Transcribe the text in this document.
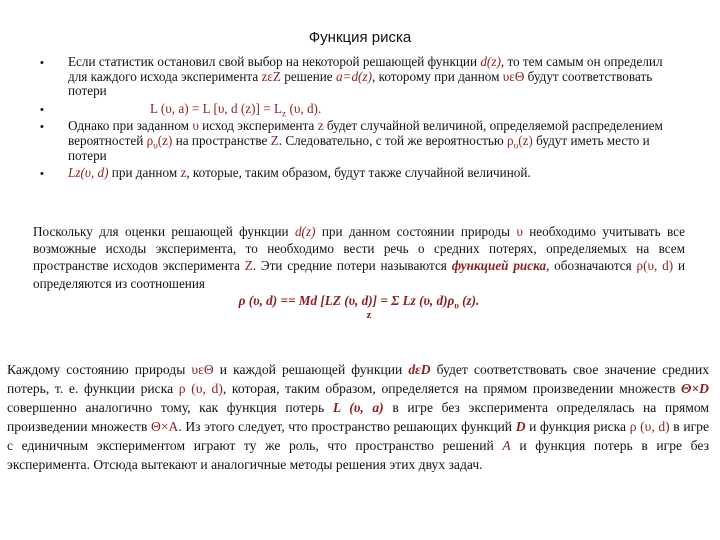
Функция риска
• Если статистик остановил свой выбор на некоторой решающей функции d(z), то тем самым он определил для каждого исхода эксперимента zεZ решение а=d(z), которому при данном υεΘ будут соответствовать потери
•	L (υ, а) = L [υ, d $(z)] = L_z$ (υ, d).
• Однако при заданном υ исход эксперимента z будет случайной величиной, определяемой распределением вероятностей $\rho_\upsilon(z)$ на пространстве Z. Следовательно, с той же вероятностью $\rho_\upsilon(z)$ будут иметь место и потери
• Lz(υ, d) при данном z, которые, таким образом, будут также случайной величиной.
Поскольку для оценки решающей функции d(z) при данном состоянии природы υ необходимо учитывать все возможные исходы эксперимента, то необходимо вести речь о средних потерях, определяемых на всем пространстве исходов эксперимента Z. Эти средние потери называются функцией риска, обозначаются ρ(υ, d) и определяются из соотношения
ρ (υ, d) == Md [LZ (υ, d)] = Σ Lz (υ, $d)\rho_\upsilon$ (z).
z
Каждому состоянию природы υεΘ и каждой решающей функции dεD будет соответствовать свое значение средних потерь, т. е. функции риска ρ (υ, d), которая, таким образом, определяется на прямом произведении множеств Θ×D совершенно аналогично тому, как функция потерь L (υ, а) в игре без эксперимента определялась на прямом произведении множеств Θ×А. Из этого следует, что пространство решающих функций D и функция риска ρ (υ, d) в игре с единичным экспериментом играют ту же роль, что пространство решений А и функция потерь в игре без эксперимента. Отсюда вытекают и аналогичные методы решения этих двух задач.
